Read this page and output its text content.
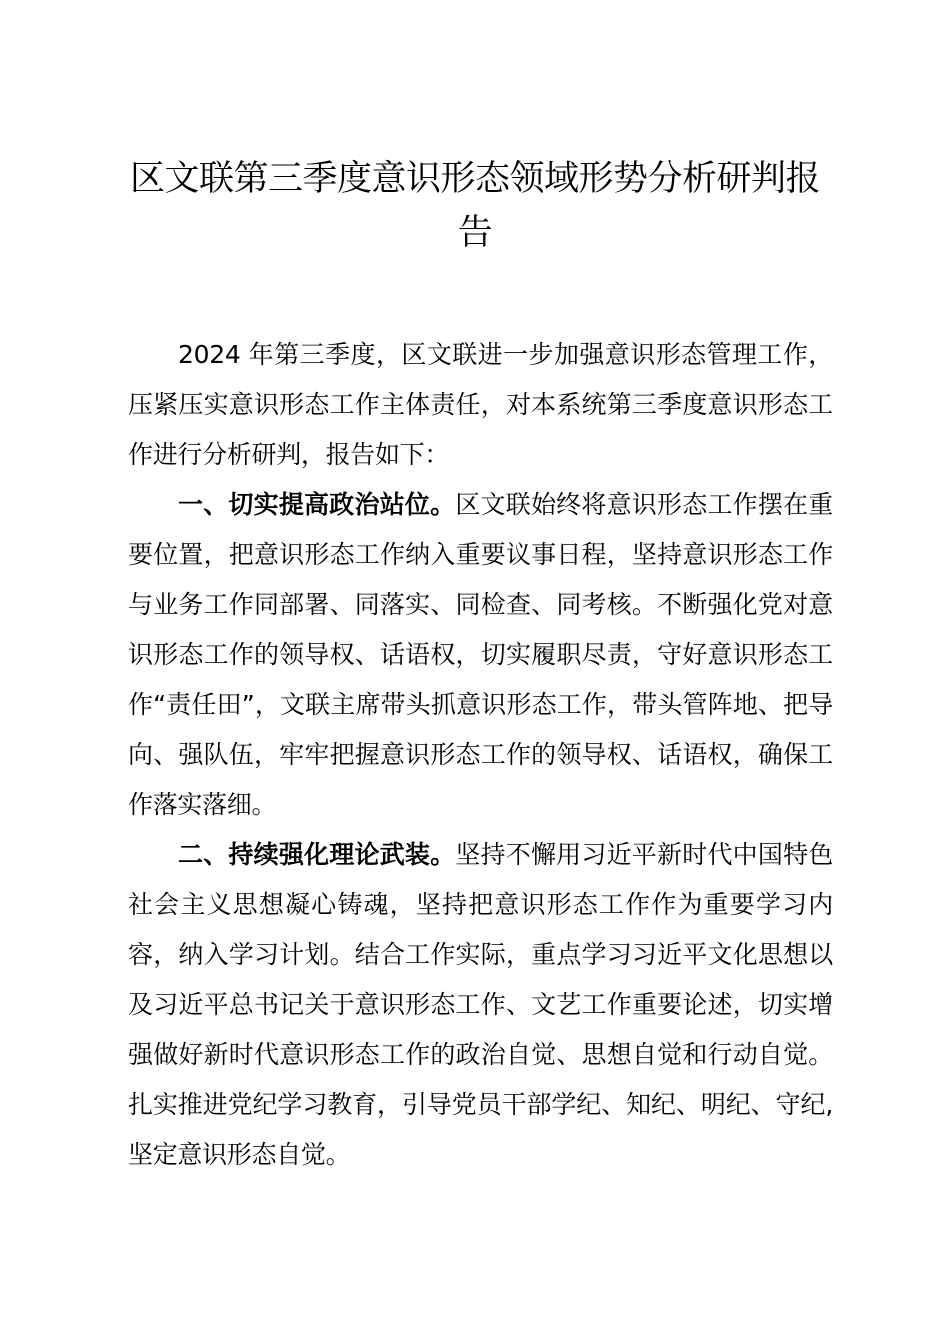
区文联第三季度意识形态领域形势分析研判报告

2024 年第三季度，区文联进一步加强意识形态管理工作，压紧压实意识形态工作主体责任，对本系统第三季度意识形态工作进行分析研判，报告如下：

一、切实提高政治站位。区文联始终将意识形态工作摆在重要位置，把意识形态工作纳入重要议事日程，坚持意识形态工作与业务工作同部署、同落实、同检查、同考核。不断强化党对意识形态工作的领导权、话语权，切实履职尽责，守好意识形态工作“责任田”，文联主席带头抓意识形态工作，带头管阵地、把导向、强队伍，牢牢把握意识形态工作的领导权、话语权，确保工作落实落细。

二、持续强化理论武装。坚持不懈用习近平新时代中国特色社会主义思想凝心铸魂，坚持把意识形态工作作为重要学习内容，纳入学习计划。结合工作实际，重点学习习近平文化思想以及习近平总书记关于意识形态工作、文艺工作重要论述，切实增强做好新时代意识形态工作的政治自觉、思想自觉和行动自觉。扎实推进党纪学习教育，引导党员干部学纪、知纪、明纪、守纪,坚定意识形态自觉。
